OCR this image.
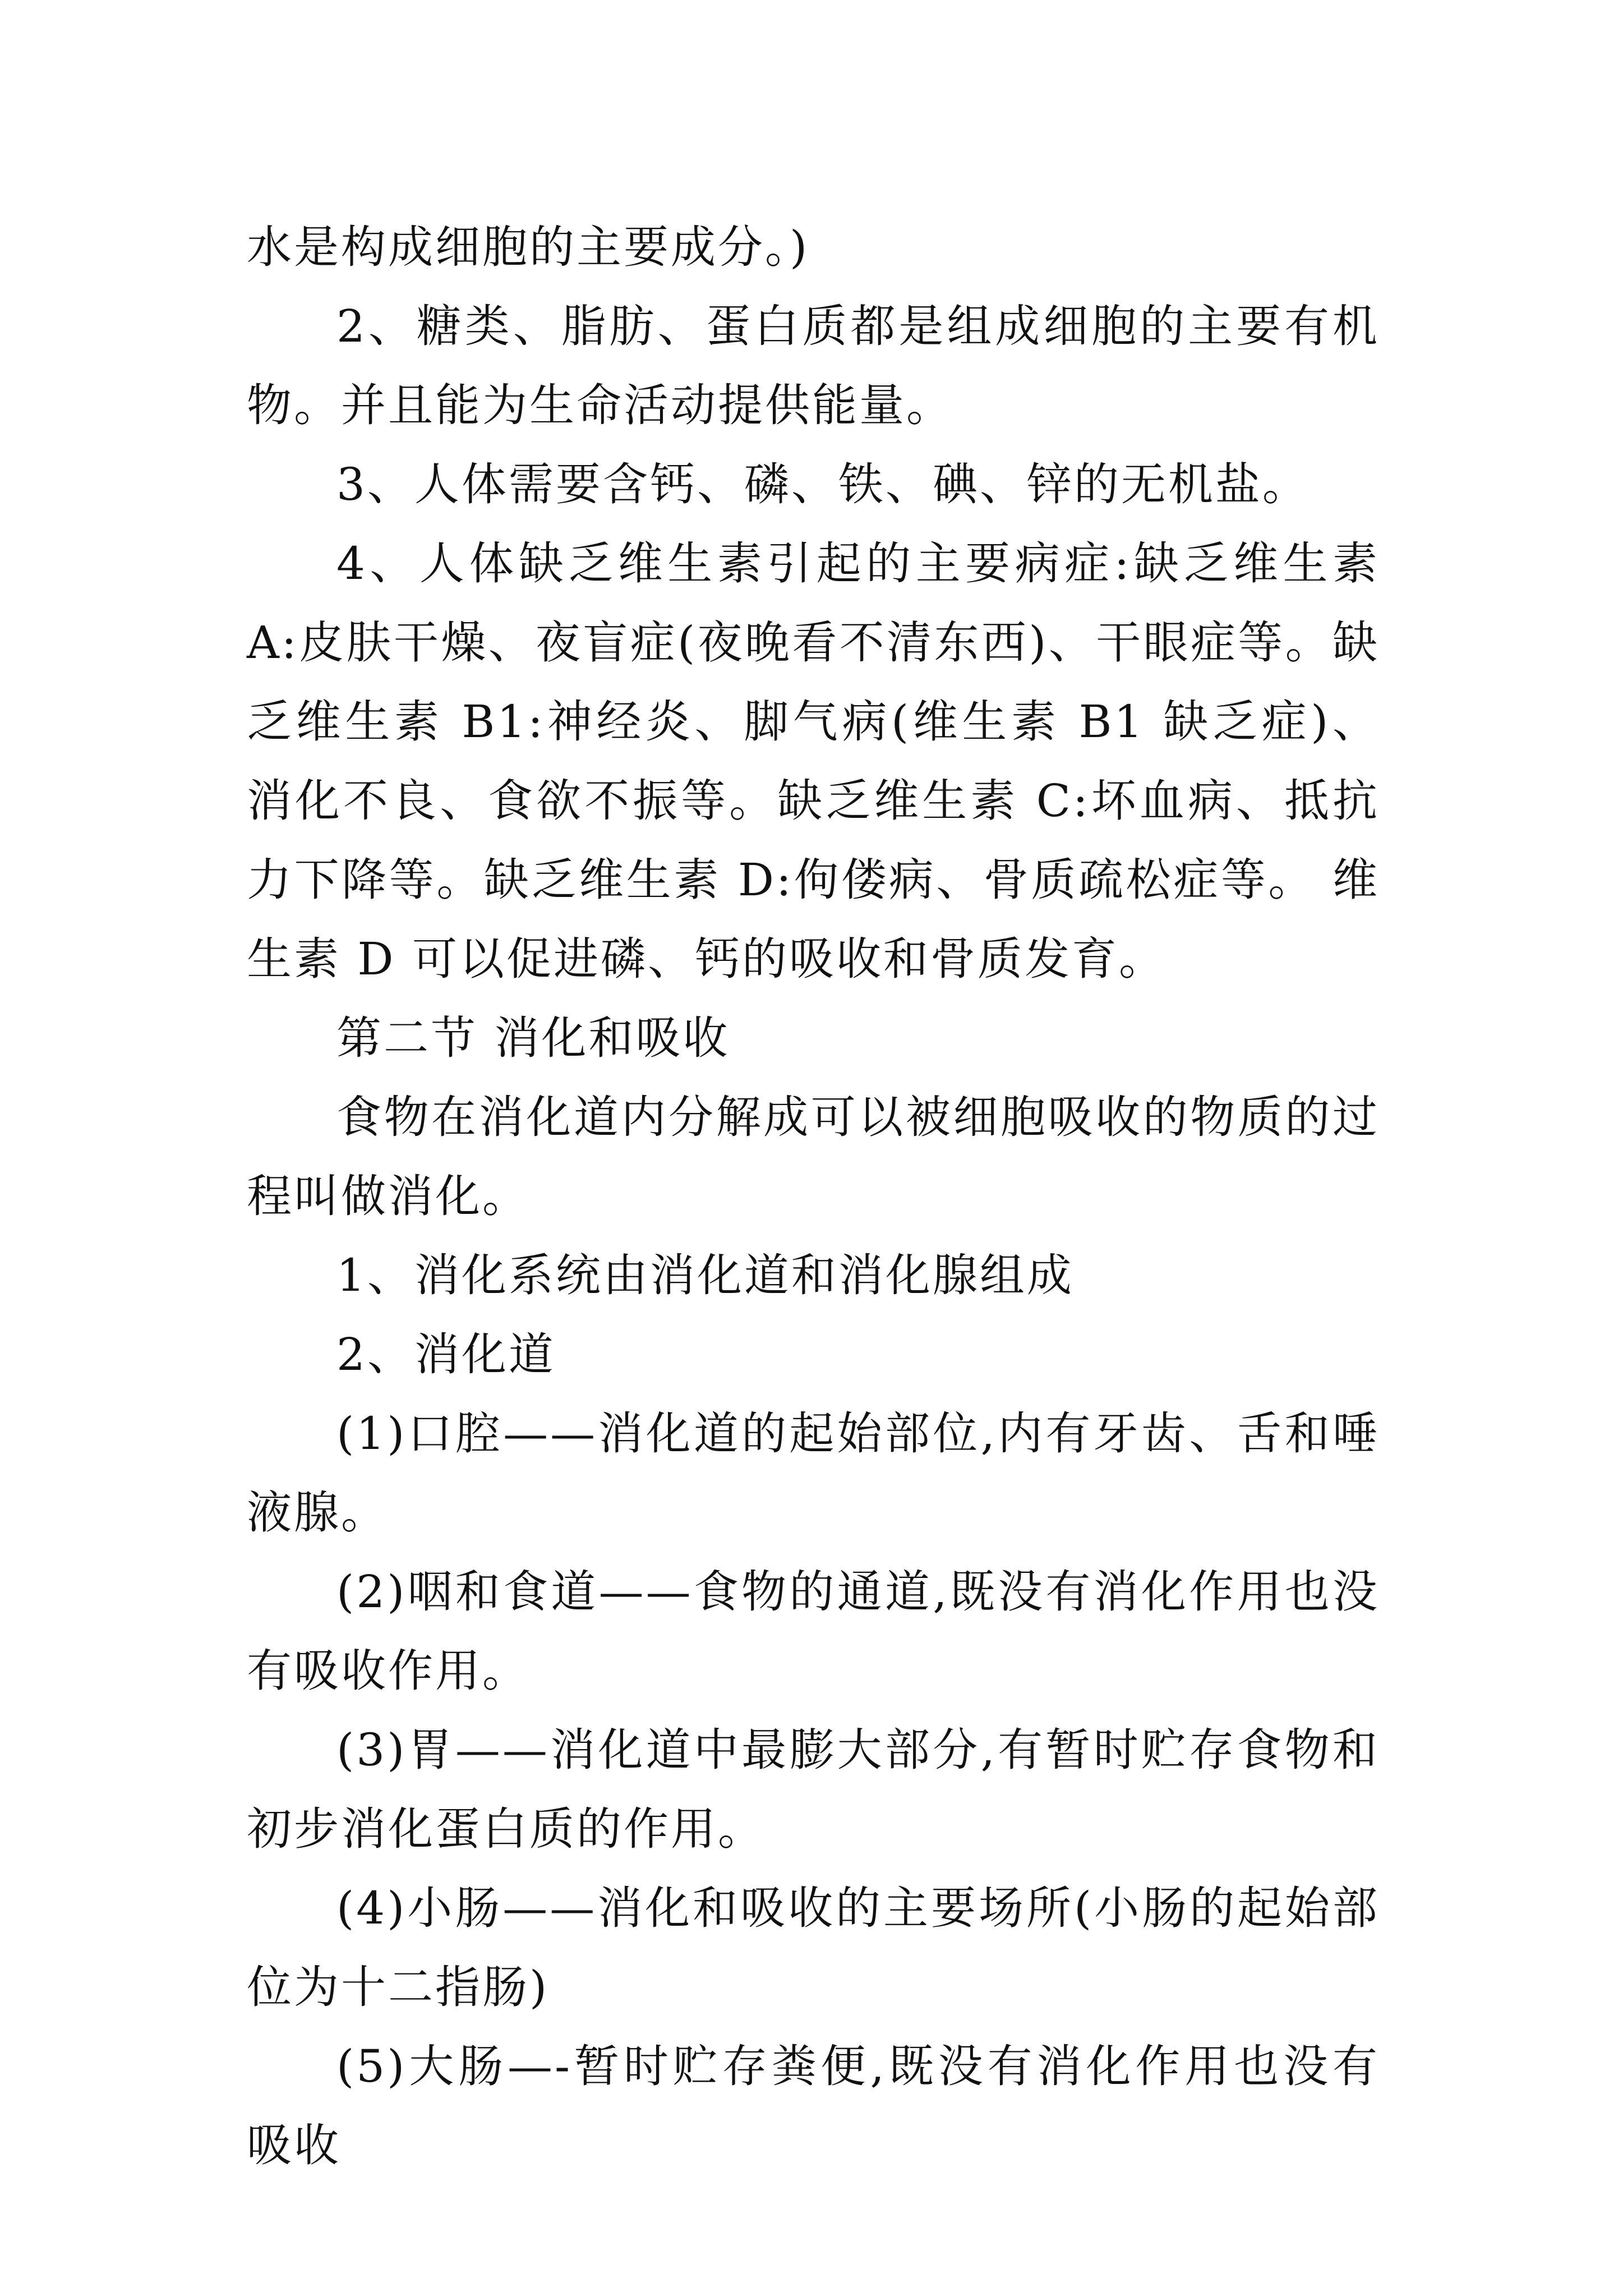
水是构成细胞的主要成分。)

2、糖类、脂肪、蛋白质都是组成细胞的主要有机物。并且能为生命活动提供能量。

3、人体需要含钙、磷、铁、碘、锌的无机盐。

4、人体缺乏维生素引起的主要病症:缺乏维生素 A:皮肤干燥、夜盲症(夜晚看不清东西)、干眼症等。缺乏维生素 B1:神经炎、脚气病(维生素 B1 缺乏症)、消化不良、食欲不振等。缺乏维生素 C:坏血病、抵抗力下降等。缺乏维生素 D:佝偻病、骨质疏松症等。 维生素 D 可以促进磷、钙的吸收和骨质发育。

第二节 消化和吸收

食物在消化道内分解成可以被细胞吸收的物质的过程叫做消化。

1、消化系统由消化道和消化腺组成

2、消化道

(1)口腔——消化道的起始部位,内有牙齿、舌和唾液腺。

(2)咽和食道——食物的通道,既没有消化作用也没有吸收作用。

(3)胃——消化道中最膨大部分,有暂时贮存食物和初步消化蛋白质的作用。

(4)小肠——消化和吸收的主要场所(小肠的起始部位为十二指肠)

(5)大肠—-暂时贮存粪便,既没有消化作用也没有吸收
